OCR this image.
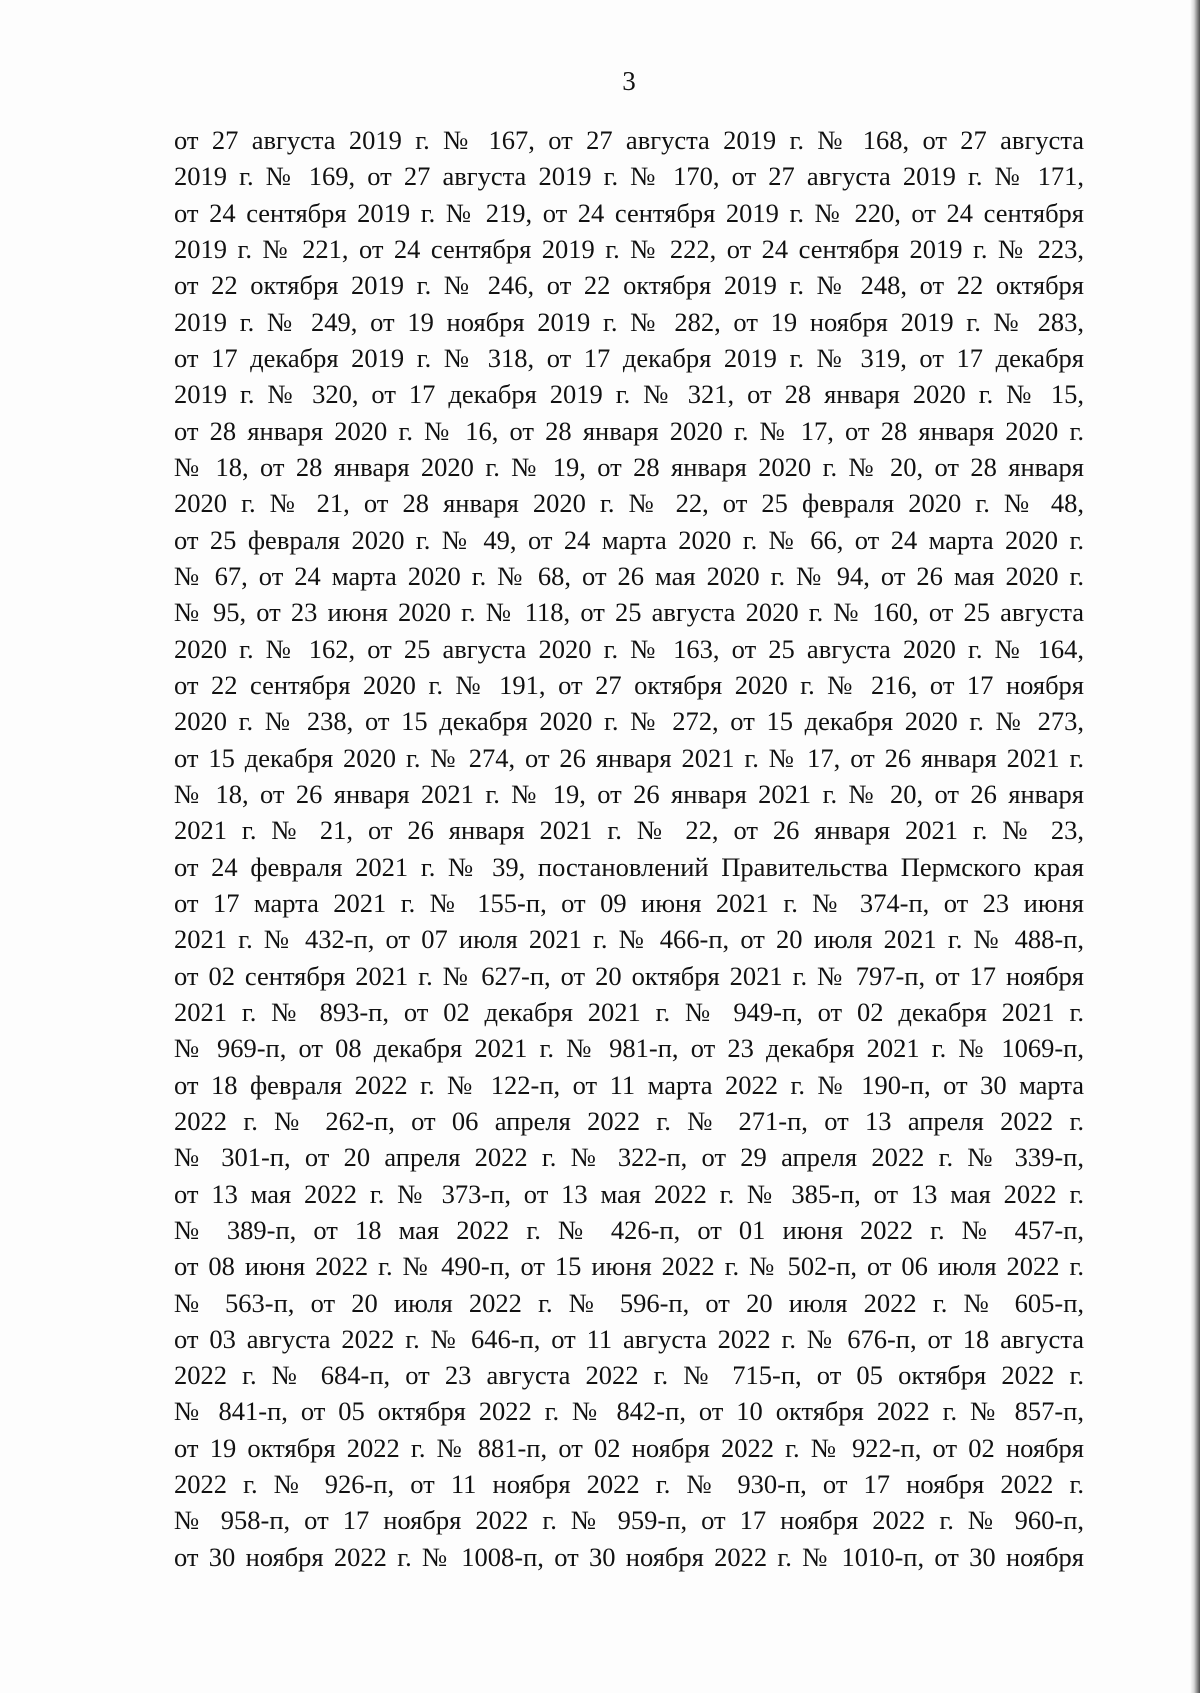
3
от 27 августа 2019 г. № 167, от 27 августа 2019 г. № 168, от 27 августа
2019 г. № 169, от 27 августа 2019 г. № 170, от 27 августа 2019 г. № 171,
от 24 сентября 2019 г. № 219, от 24 сентября 2019 г. № 220, от 24 сентября
2019 г. № 221, от 24 сентября 2019 г. № 222, от 24 сентября 2019 г. № 223,
от 22 октября 2019 г. № 246, от 22 октября 2019 г. № 248, от 22 октября
2019 г. № 249, от 19 ноября 2019 г. № 282, от 19 ноября 2019 г. № 283,
от 17 декабря 2019 г. № 318, от 17 декабря 2019 г. № 319, от 17 декабря
2019 г. № 320, от 17 декабря 2019 г. № 321, от 28 января 2020 г. № 15,
от 28 января 2020 г. № 16, от 28 января 2020 г. № 17, от 28 января 2020 г.
№ 18, от 28 января 2020 г. № 19, от 28 января 2020 г. № 20, от 28 января
2020 г. № 21, от 28 января 2020 г. № 22, от 25 февраля 2020 г. № 48,
от 25 февраля 2020 г. № 49, от 24 марта 2020 г. № 66, от 24 марта 2020 г.
№ 67, от 24 марта 2020 г. № 68, от 26 мая 2020 г. № 94, от 26 мая 2020 г.
№ 95, от 23 июня 2020 г. № 118, от 25 августа 2020 г. № 160, от 25 августа
2020 г. № 162, от 25 августа 2020 г. № 163, от 25 августа 2020 г. № 164,
от 22 сентября 2020 г. № 191, от 27 октября 2020 г. № 216, от 17 ноября
2020 г. № 238, от 15 декабря 2020 г. № 272, от 15 декабря 2020 г. № 273,
от 15 декабря 2020 г. № 274, от 26 января 2021 г. № 17, от 26 января 2021 г.
№ 18, от 26 января 2021 г. № 19, от 26 января 2021 г. № 20, от 26 января
2021 г. № 21, от 26 января 2021 г. № 22, от 26 января 2021 г. № 23,
от 24 февраля 2021 г. № 39, постановлений Правительства Пермского края
от 17 марта 2021 г. № 155-п, от 09 июня 2021 г. № 374-п, от 23 июня
2021 г. № 432-п, от 07 июля 2021 г. № 466-п, от 20 июля 2021 г. № 488-п,
от 02 сентября 2021 г. № 627-п, от 20 октября 2021 г. № 797-п, от 17 ноября
2021 г. № 893-п, от 02 декабря 2021 г. № 949-п, от 02 декабря 2021 г.
№ 969-п, от 08 декабря 2021 г. № 981-п, от 23 декабря 2021 г. № 1069-п,
от 18 февраля 2022 г. № 122-п, от 11 марта 2022 г. № 190-п, от 30 марта
2022 г. № 262-п, от 06 апреля 2022 г. № 271-п, от 13 апреля 2022 г.
№ 301-п, от 20 апреля 2022 г. № 322-п, от 29 апреля 2022 г. № 339-п,
от 13 мая 2022 г. № 373-п, от 13 мая 2022 г. № 385-п, от 13 мая 2022 г.
№ 389-п, от 18 мая 2022 г. № 426-п, от 01 июня 2022 г. № 457-п,
от 08 июня 2022 г. № 490-п, от 15 июня 2022 г. № 502-п, от 06 июля 2022 г.
№ 563-п, от 20 июля 2022 г. № 596-п, от 20 июля 2022 г. № 605-п,
от 03 августа 2022 г. № 646-п, от 11 августа 2022 г. № 676-п, от 18 августа
2022 г. № 684-п, от 23 августа 2022 г. № 715-п, от 05 октября 2022 г.
№ 841-п, от 05 октября 2022 г. № 842-п, от 10 октября 2022 г. № 857-п,
от 19 октября 2022 г. № 881-п, от 02 ноября 2022 г. № 922-п, от 02 ноября
2022 г. № 926-п, от 11 ноября 2022 г. № 930-п, от 17 ноября 2022 г.
№ 958-п, от 17 ноября 2022 г. № 959-п, от 17 ноября 2022 г. № 960-п,
от 30 ноября 2022 г. № 1008-п, от 30 ноября 2022 г. № 1010-п, от 30 ноября
